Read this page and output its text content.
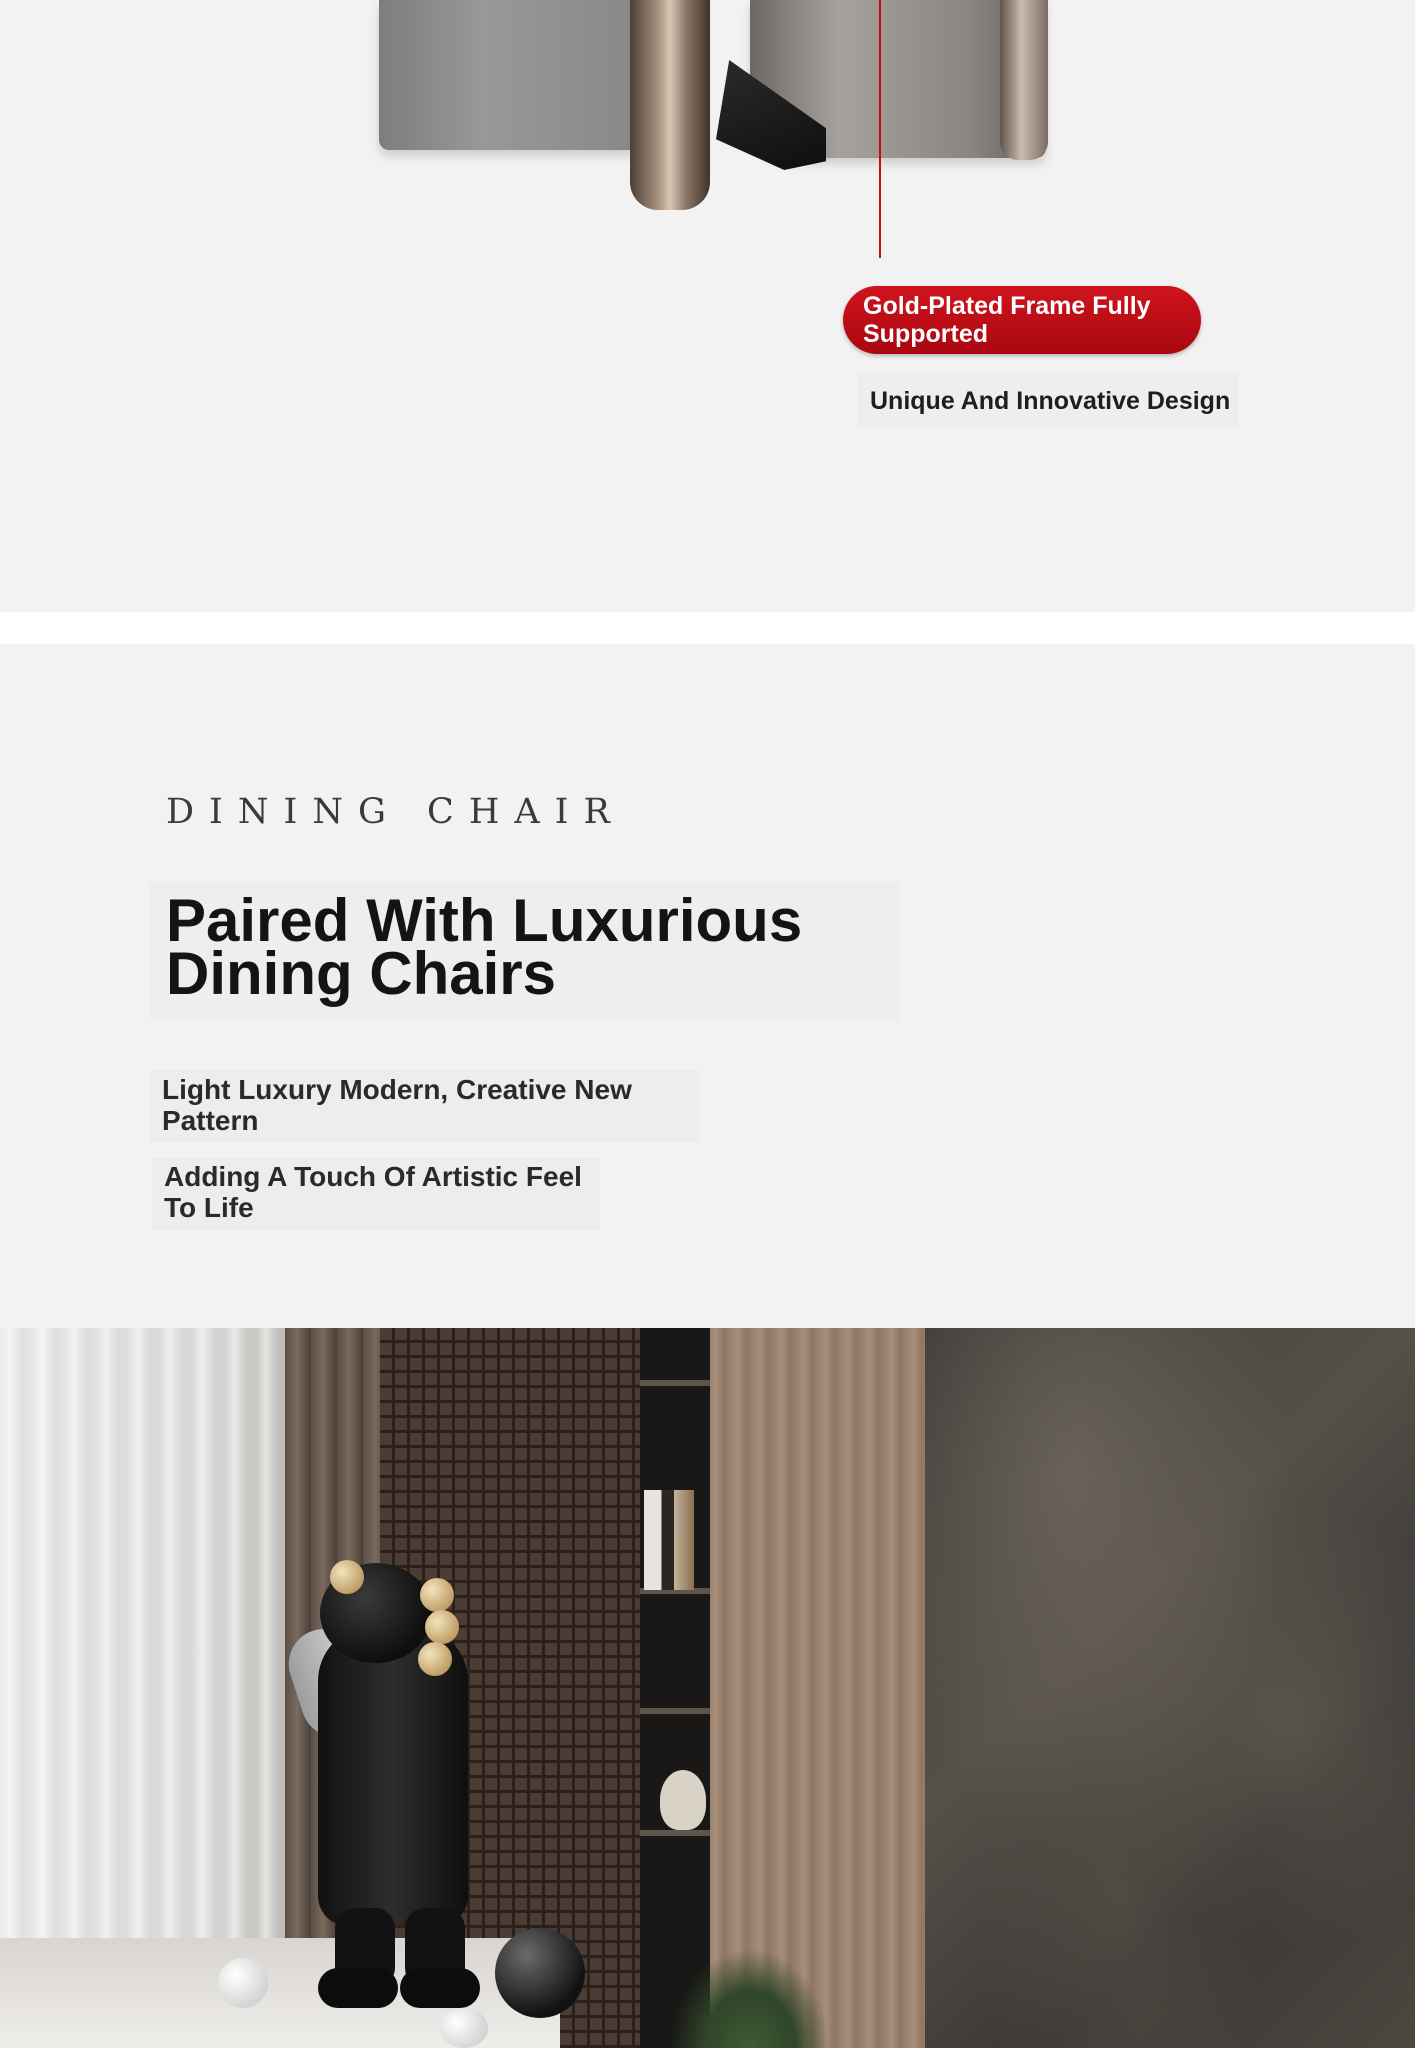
Gold-Plated Frame Fully Supported
Unique And Innovative Design
DINING CHAIR
Paired With Luxurious Dining Chairs
Light Luxury Modern, Creative New Pattern
Adding A Touch Of Artistic Feel To Life
